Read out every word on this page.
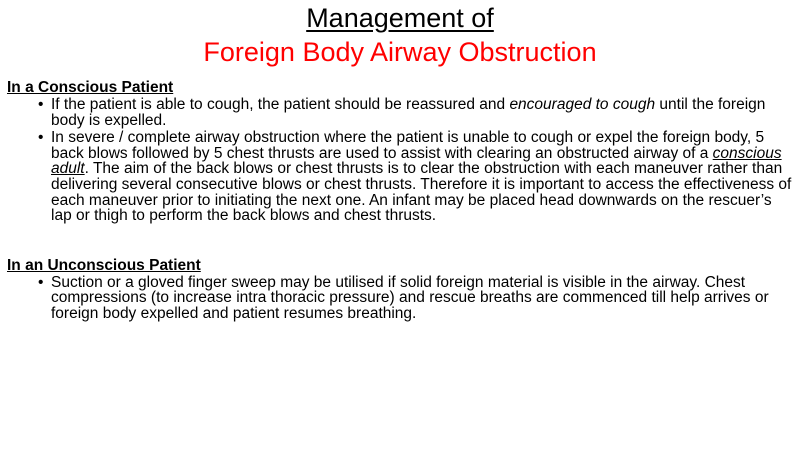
Management of
Foreign Body Airway Obstruction

In a Conscious Patient

• If the patient is able to cough, the patient should be reassured and encouraged to cough until the foreign body is expelled.
• In severe / complete airway obstruction where the patient is unable to cough or expel the foreign body, 5 back blows followed by 5 chest thrusts are used to assist with clearing an obstructed airway of a conscious adult. The aim of the back blows or chest thrusts is to clear the obstruction with each maneuver rather than delivering several consecutive blows or chest thrusts. Therefore it is important to access the effectiveness of each maneuver prior to initiating the next one. An infant may be placed head downwards on the rescuer’s lap or thigh to perform the back blows and chest thrusts.

In an Unconscious Patient

• Suction or a gloved finger sweep may be utilised if solid foreign material is visible in the airway. Chest compressions (to increase intra thoracic pressure) and rescue breaths are commenced till help arrives or foreign body expelled and patient resumes breathing.
